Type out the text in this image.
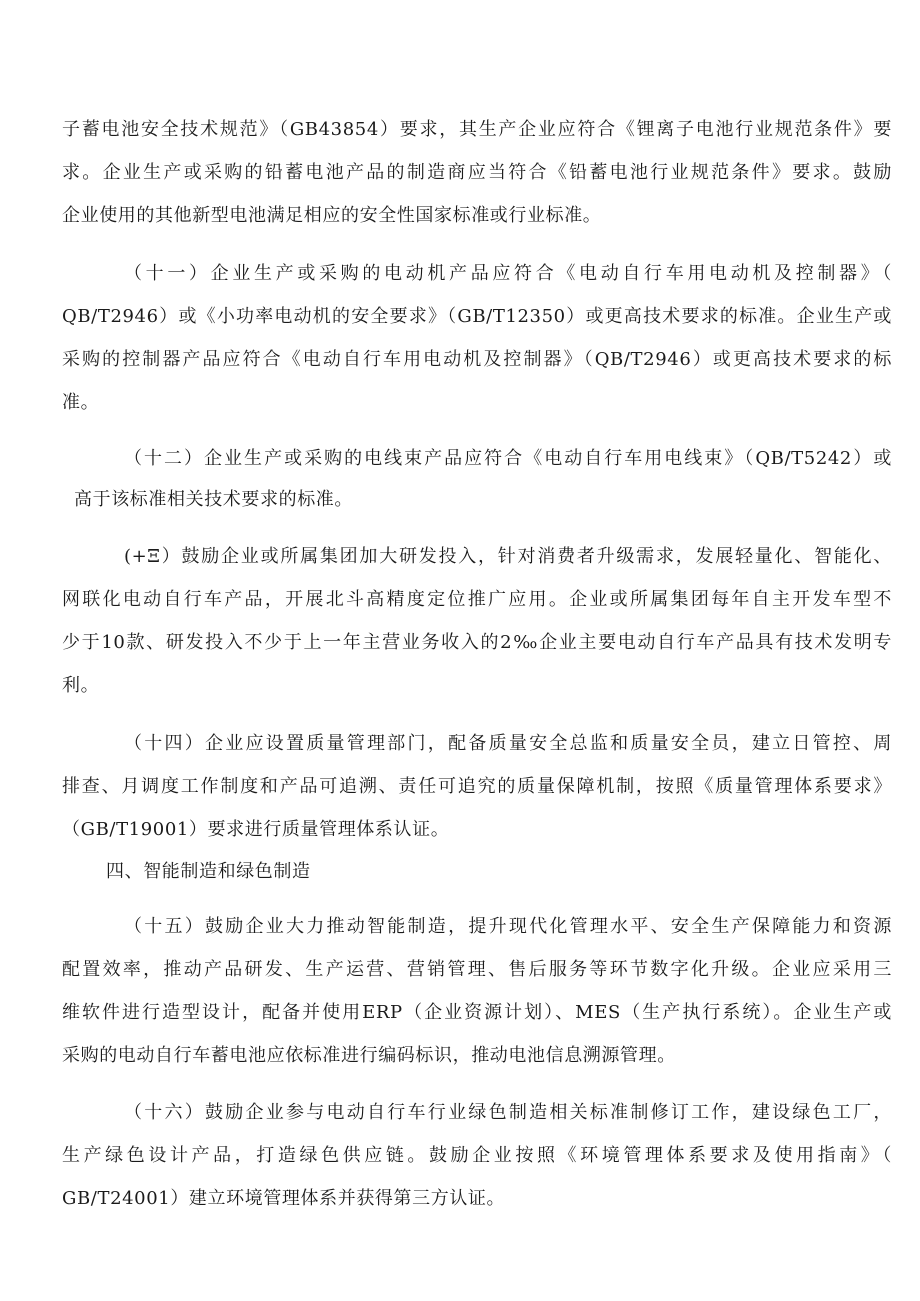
子蓄电池安全技术规范》（GB43854）要求，其生产企业应符合《锂离子电池行业规范条件》要
求。企业生产或采购的铅蓄电池产品的制造商应当符合《铅蓄电池行业规范条件》要求。鼓励
企业使用的其他新型电池满足相应的安全性国家标准或行业标准。
（十一）企业生产或采购的电动机产品应符合《电动自行车用电动机及控制器》（
QB/T2946）或《小功率电动机的安全要求》（GB/T12350）或更高技术要求的标准。企业生产或
采购的控制器产品应符合《电动自行车用电动机及控制器》（QB/T2946）或更高技术要求的标
准。
（十二）企业生产或采购的电线束产品应符合《电动自行车用电线束》（QB/T5242）或
高于该标准相关技术要求的标准。
(+Ξ）鼓励企业或所属集团加大研发投入，针对消费者升级需求，发展轻量化、智能化、
网联化电动自行车产品，开展北斗高精度定位推广应用。企业或所属集团每年自主开发车型不
少于10款、研发投入不少于上一年主营业务收入的2‰企业主要电动自行车产品具有技术发明专
利。
（十四）企业应设置质量管理部门，配备质量安全总监和质量安全员，建立日管控、周
排查、月调度工作制度和产品可追溯、责任可追究的质量保障机制，按照《质量管理体系要求》
（GB/T19001）要求进行质量管理体系认证。
四、智能制造和绿色制造
（十五）鼓励企业大力推动智能制造，提升现代化管理水平、安全生产保障能力和资源
配置效率，推动产品研发、生产运营、营销管理、售后服务等环节数字化升级。企业应采用三
维软件进行造型设计，配备并使用ERP（企业资源计划）、MES（生产执行系统）。企业生产或
采购的电动自行车蓄电池应依标准进行编码标识，推动电池信息溯源管理。
（十六）鼓励企业参与电动自行车行业绿色制造相关标准制修订工作，建设绿色工厂，
生产绿色设计产品，打造绿色供应链。鼓励企业按照《环境管理体系要求及使用指南》（
GB/T24001）建立环境管理体系并获得第三方认证。
